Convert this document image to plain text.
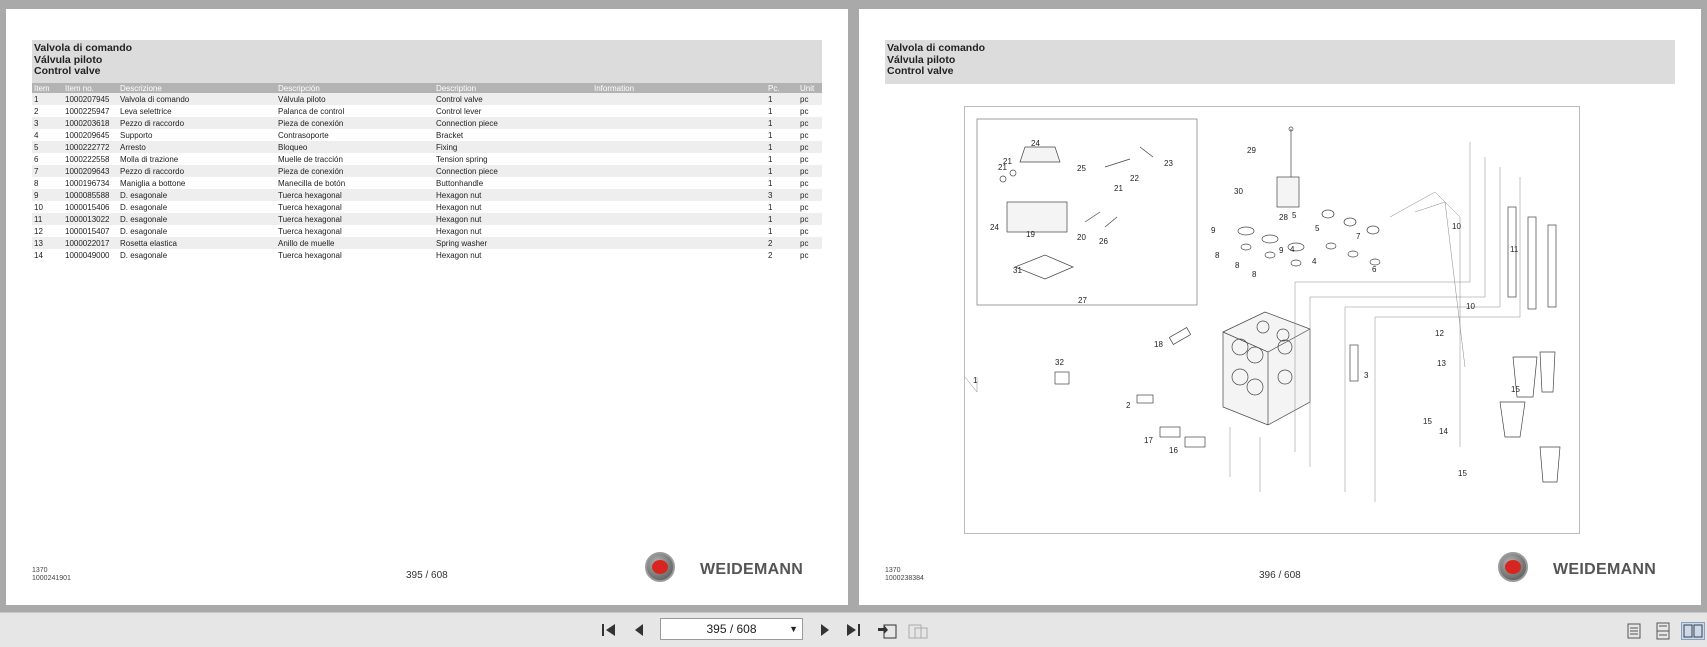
Valvola di comando
Válvula piloto
Control valve
Item	Item no.	Descrizione	Descripción	Description	Information	Pc.	Unit
1	1000207945	Valvola di comando	Válvula piloto	Control valve		1	pc
2	1000225947	Leva selettrice	Palanca de control	Control lever		1	pc
3	1000203618	Pezzo di raccordo	Pieza de conexión	Connection piece		1	pc
4	1000209645	Supporto	Contrasoporte	Bracket		1	pc
5	1000222772	Arresto	Bloqueo	Fixing		1	pc
6	1000222558	Molla di trazione	Muelle de tracción	Tension spring		1	pc
7	1000209643	Pezzo di raccordo	Pieza de conexión	Connection piece		1	pc
8	1000196734	Maniglia a bottone	Manecilla de botón	Buttonhandle		1	pc
9	1000085588	D. esagonale	Tuerca hexagonal	Hexagon nut		3	pc
10	1000015406	D. esagonale	Tuerca hexagonal	Hexagon nut		1	pc
11	1000013022	D. esagonale	Tuerca hexagonal	Hexagon nut		1	pc
12	1000015407	D. esagonale	Tuerca hexagonal	Hexagon nut		1	pc
13	1000022017	Rosetta elastica	Anillo de muelle	Spring washer		2	pc
14	1000049000	D. esagonale	Tuerca hexagonal	Hexagon nut		2	pc
1370
1000241901	395 / 608	WEIDEMANN
Valvola di comando
Válvula piloto
Control valve
1
2
3
4
4
5
5
6
7
8
8
8
9
9
10
10
11
12
13
14
15
15
15
16
17
18
19	20
21
21
21
22
23
24
24
25
26
27
28
29
30
31
32
1370
1000238384	396 / 608	WEIDEMANN
395 / 608	▼
